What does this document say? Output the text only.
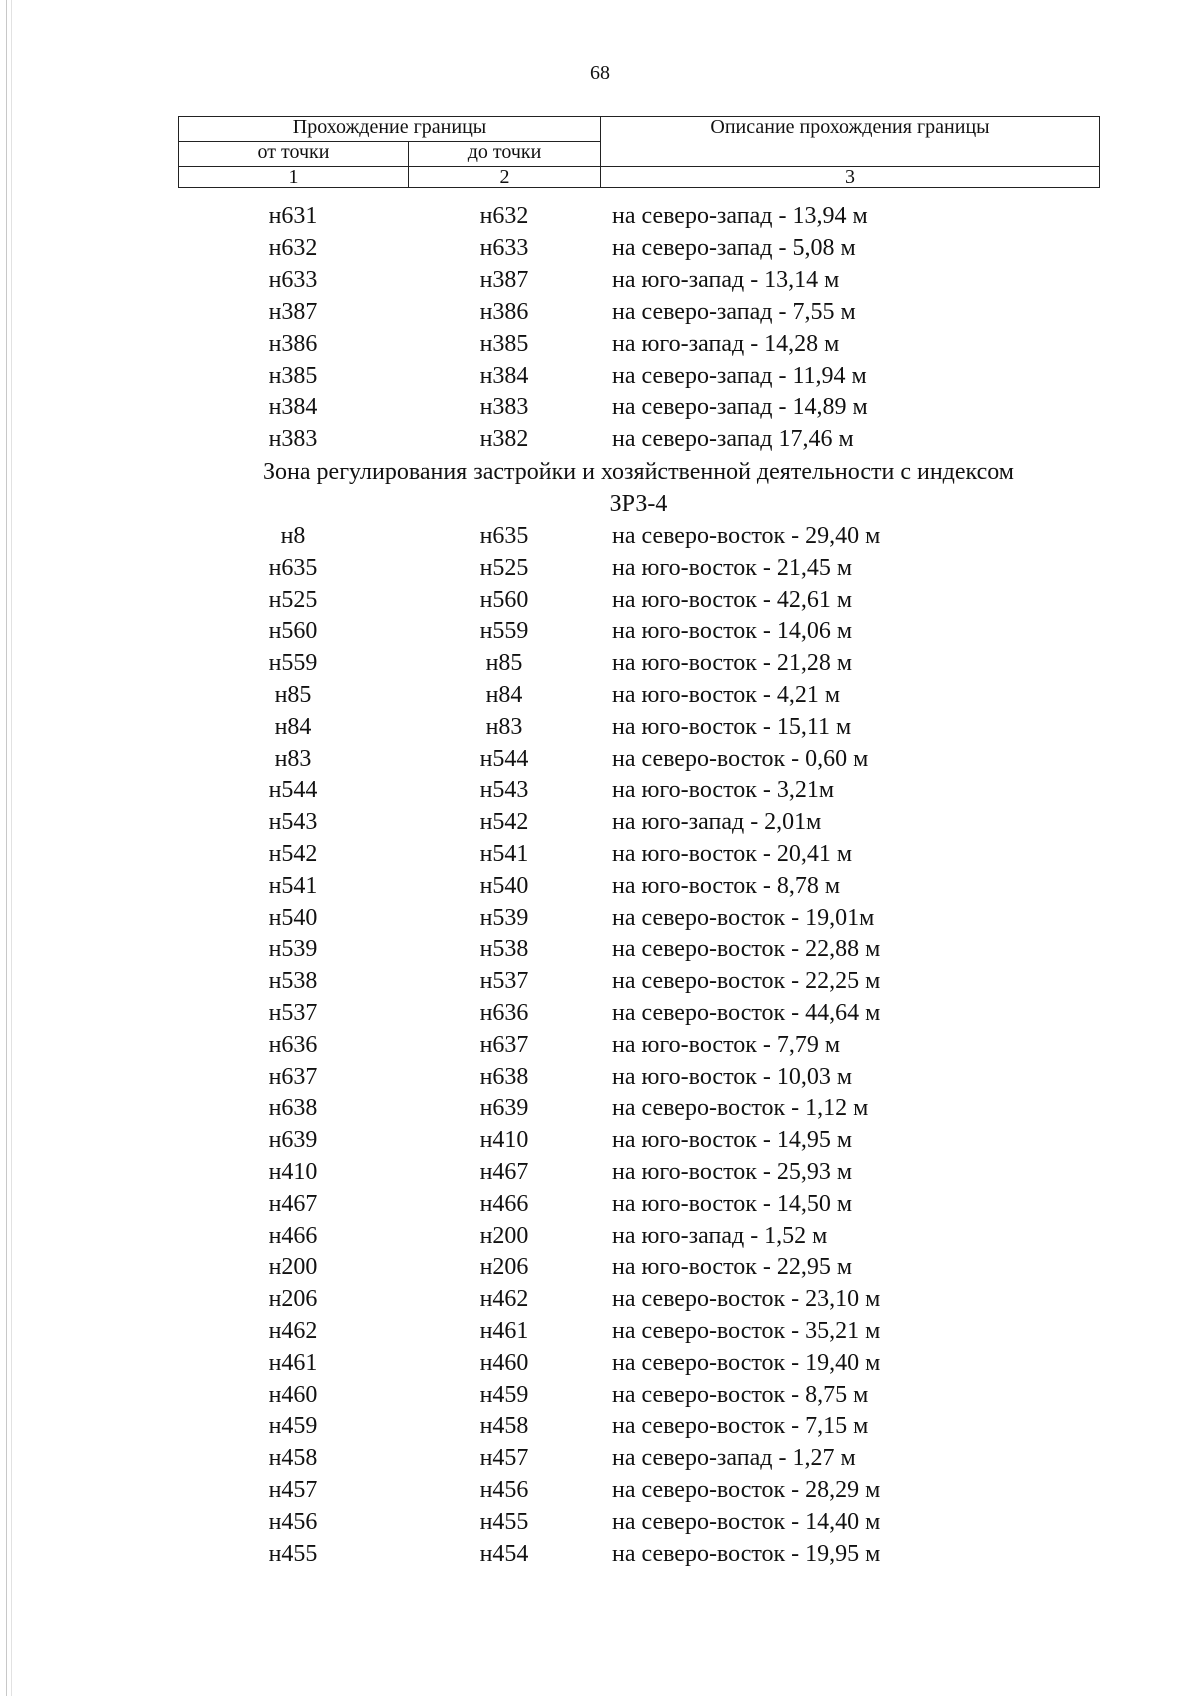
68
Прохождение границы		Описание прохождения границы
от точки	до точки	
1	2	3
н631	н632	на северо-запад - 13,94 м
н632	н633	на северо-запад - 5,08 м
н633	н387	на юго-запад - 13,14 м
н387	н386	на северо-запад - 7,55 м
н386	н385	на юго-запад - 14,28 м
н385	н384	на северо-запад - 11,94 м
н384	н383	на северо-запад - 14,89 м
н383	н382	на северо-запад 17,46 м
Зона регулирования застройки и хозяйственной деятельности с индексом
ЗРЗ-4
н8	н635	на северо-восток - 29,40 м
н635	н525	на юго-восток - 21,45 м
н525	н560	на юго-восток - 42,61 м
н560	н559	на юго-восток - 14,06 м
н559	н85	на юго-восток - 21,28 м
н85	н84	на юго-восток - 4,21 м
н84	н83	на юго-восток - 15,11 м
н83	н544	на северо-восток - 0,60 м
н544	н543	на юго-восток - 3,21м
н543	н542	на юго-запад - 2,01м
н542	н541	на юго-восток - 20,41 м
н541	н540	на юго-восток - 8,78 м
н540	н539	на северо-восток - 19,01м
н539	н538	на северо-восток - 22,88 м
н538	н537	на северо-восток - 22,25 м
н537	н636	на северо-восток - 44,64 м
н636	н637	на юго-восток - 7,79 м
н637	н638	на юго-восток - 10,03 м
н638	н639	на северо-восток - 1,12 м
н639	н410	на юго-восток - 14,95 м
н410	н467	на юго-восток - 25,93 м
н467	н466	на юго-восток - 14,50 м
н466	н200	на юго-запад - 1,52 м
н200	н206	на юго-восток - 22,95 м
н206	н462	на северо-восток - 23,10 м
н462	н461	на северо-восток - 35,21 м
н461	н460	на северо-восток - 19,40 м
н460	н459	на северо-восток - 8,75 м
н459	н458	на северо-восток - 7,15 м
н458	н457	на северо-запад - 1,27 м
н457	н456	на северо-восток - 28,29 м
н456	н455	на северо-восток - 14,40 м
н455	н454	на северо-восток - 19,95 м
